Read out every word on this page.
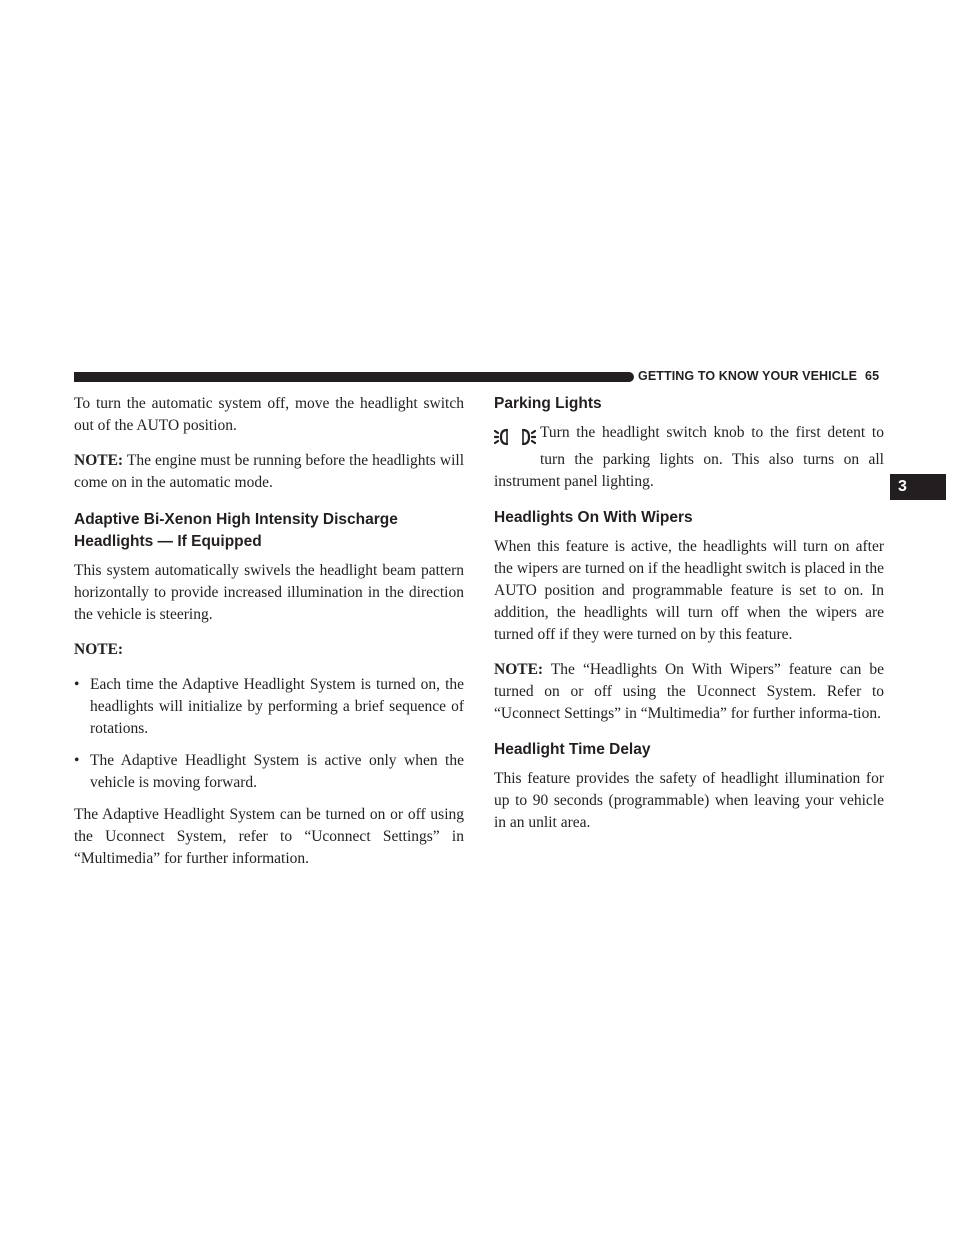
GETTING TO KNOW YOUR VEHICLE 65
3

To turn the automatic system off, move the headlight switch out of the AUTO position.

NOTE: The engine must be running before the headlights will come on in the automatic mode.

Adaptive Bi-Xenon High Intensity Discharge Headlights — If Equipped

This system automatically swivels the headlight beam pattern horizontally to provide increased illumination in the direction the vehicle is steering.

NOTE:

• Each time the Adaptive Headlight System is turned on, the headlights will initialize by performing a brief sequence of rotations.
• The Adaptive Headlight System is active only when the vehicle is moving forward.

The Adaptive Headlight System can be turned on or off using the Uconnect System, refer to “Uconnect Settings” in “Multimedia” for further information.

Parking Lights

Turn the headlight switch knob to the first detent to
turn the parking lights on. This also turns on all
instrument panel lighting.

Headlights On With Wipers

When this feature is active, the headlights will turn on after the wipers are turned on if the headlight switch is placed in the AUTO position and programmable feature is set to on. In addition, the headlights will turn off when the wipers are turned off if they were turned on by this feature.

NOTE: The “Headlights On With Wipers” feature can be turned on or off using the Uconnect System. Refer to “Uconnect Settings” in “Multimedia” for further informa-tion.

Headlight Time Delay

This feature provides the safety of headlight illumination for up to 90 seconds (programmable) when leaving your vehicle in an unlit area.
